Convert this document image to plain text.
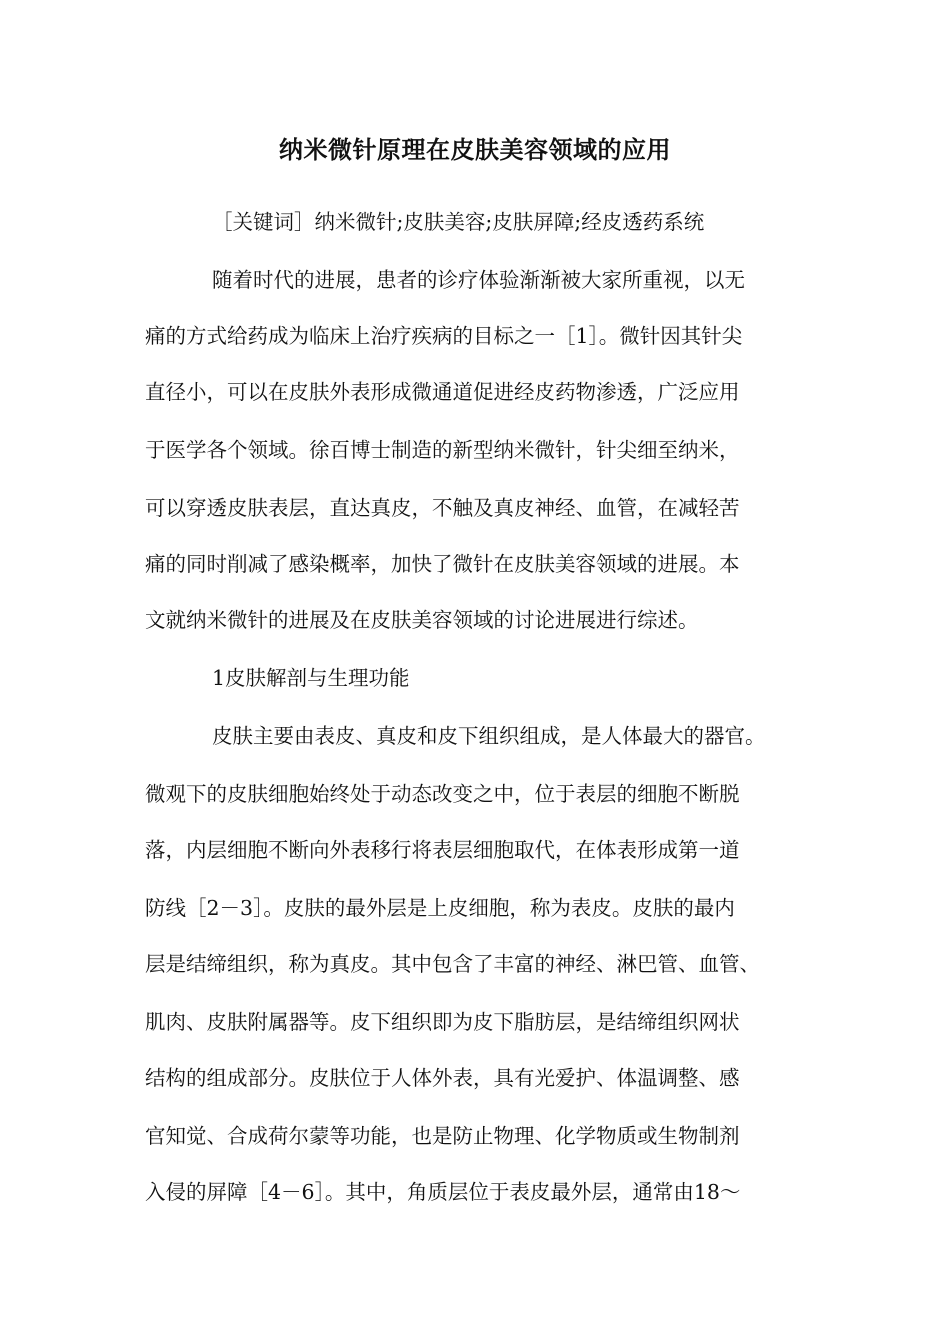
纳米微针原理在皮肤美容领域的应用
［关键词］纳米微针;皮肤美容;皮肤屏障;经皮透药系统
随着时代的进展，患者的诊疗体验渐渐被大家所重视，以无
痛的方式给药成为临床上治疗疾病的目标之一［1］。微针因其针尖
直径小，可以在皮肤外表形成微通道促进经皮药物渗透，广泛应用
于医学各个领域。徐百博士制造的新型纳米微针，针尖细至纳米，
可以穿透皮肤表层，直达真皮，不触及真皮神经、血管，在减轻苦
痛的同时削减了感染概率，加快了微针在皮肤美容领域的进展。本
文就纳米微针的进展及在皮肤美容领域的讨论进展进行综述。
1皮肤解剖与生理功能
皮肤主要由表皮、真皮和皮下组织组成，是人体最大的器官。
微观下的皮肤细胞始终处于动态改变之中，位于表层的细胞不断脱
落，内层细胞不断向外表移行将表层细胞取代，在体表形成第一道
防线［2－3］。皮肤的最外层是上皮细胞，称为表皮。皮肤的最内
层是结缔组织，称为真皮。其中包含了丰富的神经、淋巴管、血管、
肌肉、皮肤附属器等。皮下组织即为皮下脂肪层，是结缔组织网状
结构的组成部分。皮肤位于人体外表，具有光爱护、体温调整、感
官知觉、合成荷尔蒙等功能，也是防止物理、化学物质或生物制剂
入侵的屏障［4－6］。其中，角质层位于表皮最外层，通常由18～
